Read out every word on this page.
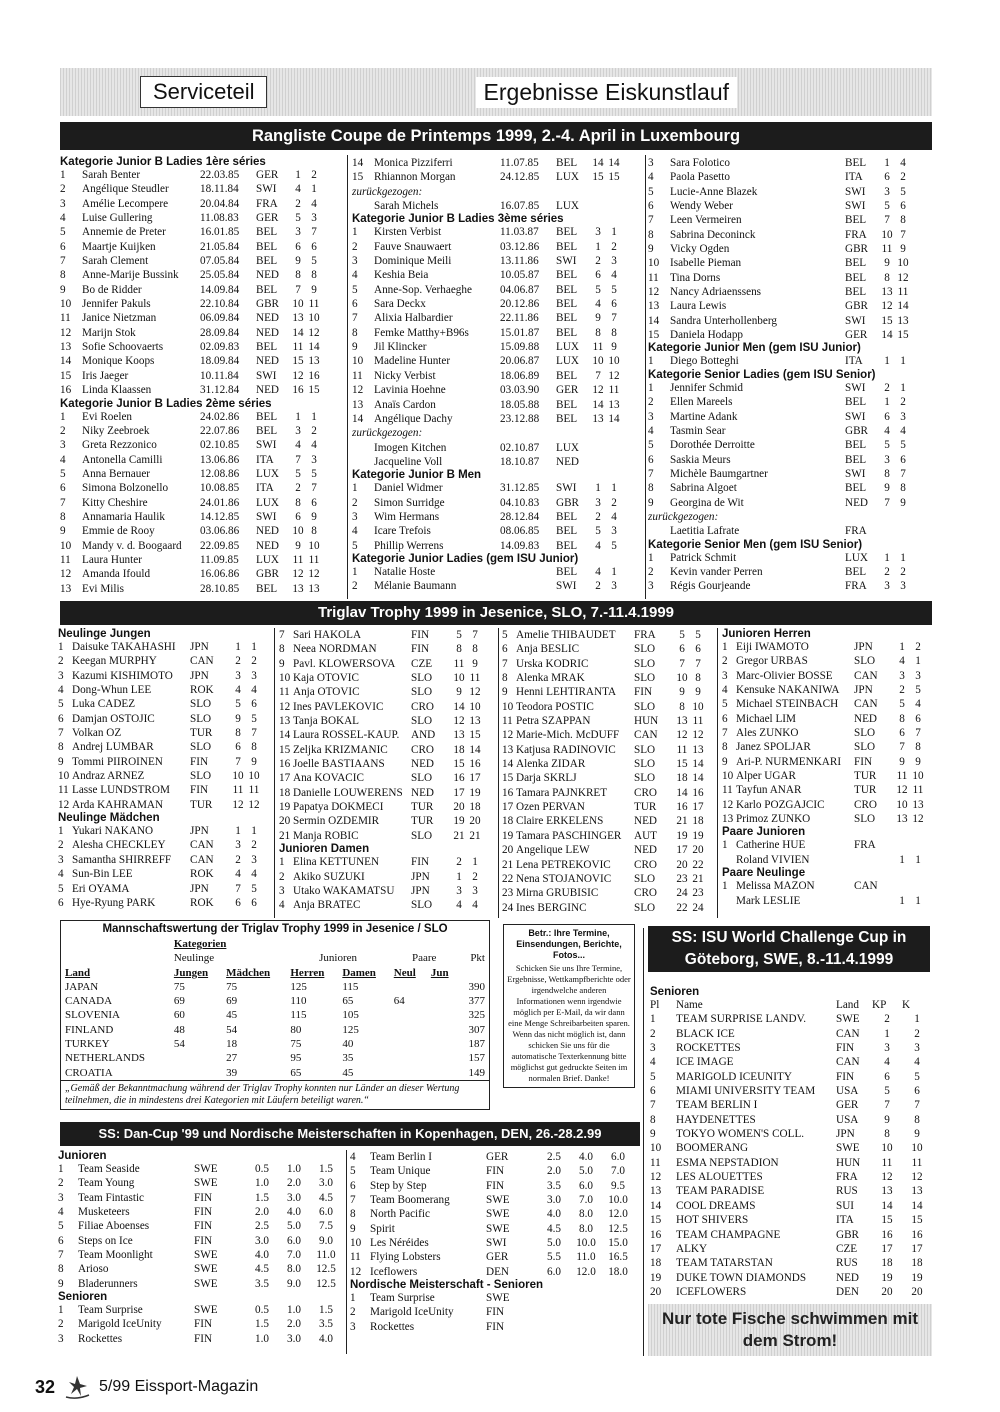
Serviceteil	Ergebnisse Eiskunstlauf
Rangliste Coupe de Printemps 1999, 2.-4. April in Luxembourg
Kategorie Junior B Ladies 1ère séries
1	Sarah Benter	22.03.85	GER	1 2
2	Angélique Steudler	18.11.84	SWI	4 1
3	Amélie Lecompere	20.04.84	FRA	2 4
4	Luise Gullering	11.08.83	GER	5 3
5	Annemie de Preter	16.01.85	BEL	3 7
6	Maartje Kuijken	21.05.84	BEL	6 6
7	Sarah Clement	07.05.84	BEL	9 5
8	Anne-Marije Bussink	25.05.84	NED	8 8
9	Bo de Ridder	14.09.84	BEL	7 9
10 Jennifer Pakuls	22.10.84	GBR	10 11
11	Janice Nietzman	06.09.84	NED	13 10
12 Marijn Stok	28.09.84	NED	14 12
13 Sofie Schoovaerts	02.09.83	BEL	11 14
14 Monique Koops	18.09.84	NED	15 13
15 Iris Jaeger	10.11.84	SWI	12 16
16 Linda Klaassen	31.12.84	NED	16 15
Kategorie Junior B Ladies 2ème séries
1	Evi Roelen	24.02.86	BEL	1 1
2	Niky Zeebroek	22.07.86	BEL	3 2
3	Greta Rezzonico	02.10.85	SWI	4 4
4	Antonella Camilli	13.06.86	ITA	7 3
5	Anna Bernauer	12.08.86	LUX	5 5
6	Simona Bolzonello	10.08.85	ITA	2 7
7	Kitty Cheshire	24.01.86	LUX	8 6
8	Annamaria Haulik	14.12.85	SWI	6 9
9	Emmie de Rooy	03.06.86	NED	10 8
10 Mandy v. d. Boogaard	22.09.85	NED	9 10
11	Laura Hunter	11.09.85	LUX	11 11
12 Amanda Ifould	16.06.86	GBR	12 12
13 Evi Milis	28.10.85	BEL	13 13
14 Monica Pizziferri	11.07.85	BEL	14 14
15 Rhiannon Morgan	24.12.85	LUX	15 15
zurückgezogen:
Sarah Michels	16.07.85	LUX
Kategorie Junior B Ladies 3ème séries
1	Kirsten Verbist	11.03.87	BEL	3 1
2	Fauve Snauwaert	03.12.86	BEL	1 2
3	Dominique Meili	13.11.86	SWI	2 3
4	Keshia Beia	10.05.87	BEL	6 4
5	Anne-Sop. Verhaeghe	04.06.87	BEL	5 5
6	Sara Deckx	20.12.86	BEL	4 6
7	Alixia Halbardier	22.11.86	BEL	9 7
8	Femke Matthy+B96s	15.01.87	BEL	8 8
9	Jil Klincker	15.09.88	LUX	11 9
10 Madeline Hunter	20.06.87	LUX	10 10
11	Nicky Verbist	18.06.89	BEL	7 12
12 Lavinia Hoehne	03.03.90	GER	12 11
13 Anaïs Cardon	18.05.88	BEL	14 13
14 Angélique Dachy	23.12.88	BEL	13 14
zurückgezogen:
Imogen Kitchen	02.10.87	LUX
Jacqueline Voll	18.10.87	NED
Kategorie Junior B Men
1	Daniel Widmer	31.12.85	SWI	1 1
2	Simon Surridge	04.10.83	GBR	3 2
3	Wim Hermans	28.12.84	BEL	2 4
4	Icare Trefois	08.06.85	BEL	5 3
5	Phillip Werrens	14.09.83	BEL	4 5
Kategorie Junior Ladies (gem ISU Junior)
1	Natalie Hoste	BEL	4 1
2	Mélanie Baumann	SWI	2 3
3	Sara Folotico	BEL	1 4
4	Paola Pasetto	ITA	6 2
5	Lucie-Anne Blazek	SWI	3 5
6	Wendy Weber	SWI	5 6
7	Leen Vermeiren	BEL	7 8
8	Sabrina Deconinck	FRA	10 7
9	Vicky Ogden	GBR	11 9
10 Isabelle Pieman	BEL	9 10
11	Tina Dorns	BEL	8 12
12 Nancy Adriaenssens	BEL	13 11
13 Laura Lewis	GBR	12 14
14 Sandra Unterhollenberg	SWI	15 13
15 Daniela Hodapp	GER	14 15
Kategorie Junior Men (gem ISU Junior)
1	Diego Botteghi	ITA	1 1
Kategorie Senior Ladies (gem ISU Senior)
1	Jennifer Schmid	SWI	2 1
2	Ellen Mareels	BEL	1 2
3	Martine Adank	SWI	6 3
4	Tasmin Sear	GBR	4 4
5	Dorothée Derroitte	BEL	5 5
6	Saskia Meurs	BEL	3 6
7	Michèle Baumgartner	SWI	8 7
8	Sabrina Algoet	BEL	9 8
9	Georgina de Wit	NED	7 9
zurückgezogen:
Laetitia Lafrate	FRA
Kategorie Senior Men (gem ISU Senior)
1	Patrick Schmit	LUX	1 1
2	Kevin vander Perren	BEL	2 2
3	Régis Gourjeande	FRA	3 3
Triglav Trophy 1999 in Jesenice, SLO, 7.-11.4.1999
Neulinge Jungen
1 Daisuke TAKAHASHI	JPN	1 1
2 Keegan MURPHY	CAN	2 2
3 Kazumi KISHIMOTO	JPN	3 3
4 Dong-Whun LEE	ROK	4 4
5 Luka CADEZ	SLO	5 6
6 Damjan OSTOJIC	SLO	9 5
7 Volkan OZ	TUR	8 7
8 Andrej LUMBAR	SLO	6 8
9 Tommi PIIROINEN	FIN	7 9
10 Andraz ARNEZ	SLO	10 10
11 Lasse LUNDSTROM	FIN	11 11
12 Arda KAHRAMAN	TUR	12 12
Neulinge Mädchen
1 Yukari NAKANO	JPN	1 1
2 Alesha CHECKLEY	CAN	3 2
3 Samantha SHIRREFF	CAN	2 3
4 Sun-Bin LEE	ROK	4 4
5 Eri OYAMA	JPN	7 5
6 Hye-Ryung PARK	ROK	6 6
7 Sari HAKOLA	FIN	5 7
8 Neea NORDMAN	FIN	8 8
9 Pavl. KLOWERSOVA	CZE	11 9
10 Kaja OTOVIC	SLO	10 11
11 Anja OTOVIC	SLO	9 12
12 Ines PAVLEKOVIC	CRO	14 10
13 Tanja BOKAL	SLO	12 13
14 Laura ROSSEL-KAUP.	AND	13 15
15 Zeljka KRIZMANIC	CRO	18 14
16 Joelle BASTIAANS	NED	15 16
17 Ana KOVACIC	SLO	16 17
18 Danielle LOUWERENS NED	17 19
19 Papatya DOKMECI	TUR	20 18
20 Sermin OZDEMIR	TUR	19 20
21 Manja ROBIC	SLO	21 21
Junioren Damen
1 Elina KETTUNEN	FIN	2 1
2 Akiko SUZUKI	JPN	1 2
3 Utako WAKAMATSU	JPN	3 3
4 Anja BRATEC	SLO	4 4
5 Amelie THIBAUDET	FRA	5 5
6 Anja BESLIC	SLO	6 6
7 Urska KODRIC	SLO	7 7
8 Alenka MRAK	SLO	10 8
9 Henni LEHTIRANTA	FIN	9 9
10 Teodora POSTIC	SLO	8 10
11 Petra SZAPPAN	HUN	13 11
12 Marie-Mich. McDUFF	CAN	12 12
13 Katjusa RADINOVIC	SLO	11 13
14 Alenka ZIDAR	SLO	15 14
15 Darja SKRLJ	SLO	18 14
16 Tamara PAJNKRET	CRO	14 16
17 Ozen PERVAN	TUR	16 17
18 Claire ERKELENS	NED	21 18
19 Tamara PASCHINGER	AUT	19 19
20 Angelique LEW	NED	17 20
21 Lena PETREKOVIC	CRO	20 22
22 Nena STOJANOVIC	SLO	23 21
23 Mirna GRUBISIC	CRO	24 23
24 Ines BERGINC	SLO	22 24
Junioren Herren
1 Eiji IWAMOTO	JPN	1 2
2 Gregor URBAS	SLO	4 1
3 Marc-Olivier BOSSE	CAN	3 3
4 Kensuke NAKANIWA	JPN	2 5
5 Michael STEINBACH	CAN	5 4
6 Michael LIM	NED	8 6
7 Ales ZUNKO	SLO	6 7
8 Janez SPOLJAR	SLO	7 8
9 Ari-P. NURMENKARI	FIN	9 9
10 Alper UGAR	TUR	11 10
11 Tayfun ANAR	TUR	12 11
12 Karlo POZGAJCIC	CRO	10 13
13 Primoz ZUNKO	SLO	13 12
Paare Junioren
1 Catherine HUE	FRA
Roland VIVIEN	1 1
Paare Neulinge
1 Melissa MAZON	CAN
Mark LESLIE	1 1
Mannschaftswertung der Triglav Trophy 1999 in Jesenice / SLO
	Kategorien						
	Neulinge		Junioren		Paare		Pkt
Land	Jungen	Mädchen	Herren	Damen	Neul	Jun	
JAPAN	75	75	125	115			390
CANADA	69	69	110	65	64		377
SLOVENIA	60	45	115	105			325
FINLAND	48	54	80	125			307
TURKEY	54	18	75	40			187
NETHERLANDS		27	95	35			157
CROATIA		39	65	45			149
„Gemäß der Bekanntmachung während der Triglav Trophy konnten nur Länder an dieser Wertung teilnehmen, die in mindestens drei Kategorien mit Läufern beteiligt waren.“
Betr.: Ihre Termine, Einsendungen, Berichte, Fotos...
Schicken Sie uns Ihre Termine, Ergebnisse, Wettkampfberichte oder irgendwelche anderen Informationen wenn irgendwie möglich per E-Mail, da wir dann eine Menge Schreibarbeiten sparen. Wenn das nicht möglich ist, dann schicken Sie uns für die automatische Texterkennung bitte möglichst gut gedruckte Seiten im normalen Brief. Danke!
SS: ISU World Challenge Cup in Göteborg, SWE, 8.-11.4.1999
Senioren
Pl	Name	Land	KP	K
1	TEAM SURPRISE LANDV.	SWE	2	1
2	BLACK ICE	CAN	1	2
3	ROCKETTES	FIN	3	3
4	ICE IMAGE	CAN	4	4
5	MARIGOLD ICEUNITY	FIN	6	5
6	MIAMI UNIVERSITY TEAM	USA	5	6
7	TEAM BERLIN I	GER	7	7
8	HAYDENETTES	USA	9	8
9	TOKYO WOMEN'S COLL.	JPN	8	9
10	BOOMERANG	SWE	10	10
11	ESMA NEPSTADION	HUN	11	11
12	LES ALOUETTES	FRA	12	12
13	TEAM PARADISE	RUS	13	13
14	COOL DREAMS	SUI	14	14
15	HOT SHIVERS	ITA	15	15
16	TEAM CHAMPAGNE	GBR	16	16
17	ALKY	CZE	17	17
18	TEAM TATARSTAN	RUS	18	18
19	DUKE TOWN DIAMONDS	NED	19	19
20	ICEFLOWERS	DEN	20	20
SS: Dan-Cup '99 und Nordische Meisterschaften in Kopenhagen, DEN, 26.-28.2.99
Junioren
1	Team Seaside	SWE	0.5	1.0	1.5
2	Team Young	SWE	1.0	2.0	3.0
3	Team Fintastic	FIN	1.5	3.0	4.5
4	Musketeers	FIN	2.0	4.0	6.0
5	Filiae Aboenses	FIN	2.5	5.0	7.5
6	Steps on Ice	FIN	3.0	6.0	9.0
7	Team Moonlight	SWE	4.0	7.0	11.0
8	Arioso	SWE	4.5	8.0	12.5
9	Bladerunners	SWE	3.5	9.0	12.5
Senioren
1	Team Surprise	SWE	0.5	1.0	1.5
2	Marigold IceUnity	FIN	1.5	2.0	3.5
3	Rockettes	FIN	1.0	3.0	4.0
4	Team Berlin I	GER	2.5	4.0	6.0
5	Team Unique	FIN	2.0	5.0	7.0
6	Step by Step	FIN	3.5	6.0	9.5
7	Team Boomerang	SWE	3.0	7.0	10.0
8	North Pacific	SWE	4.0	8.0	12.0
9	Spirit	SWE	4.5	8.0	12.5
10 Les Néréides	SWI	5.0	10.0	15.0
11 Flying Lobsters	GER	5.5	11.0	16.5
12 Iceflowers	DEN	6.0	12.0	18.0
Nordische Meisterschaft - Senioren
1	Team Surprise	SWE
2	Marigold IceUnity	FIN
3	Rockettes	FIN	Nur tote Fische schwimmen mit dem Strom!
32	5/99 Eissport-Magazin
